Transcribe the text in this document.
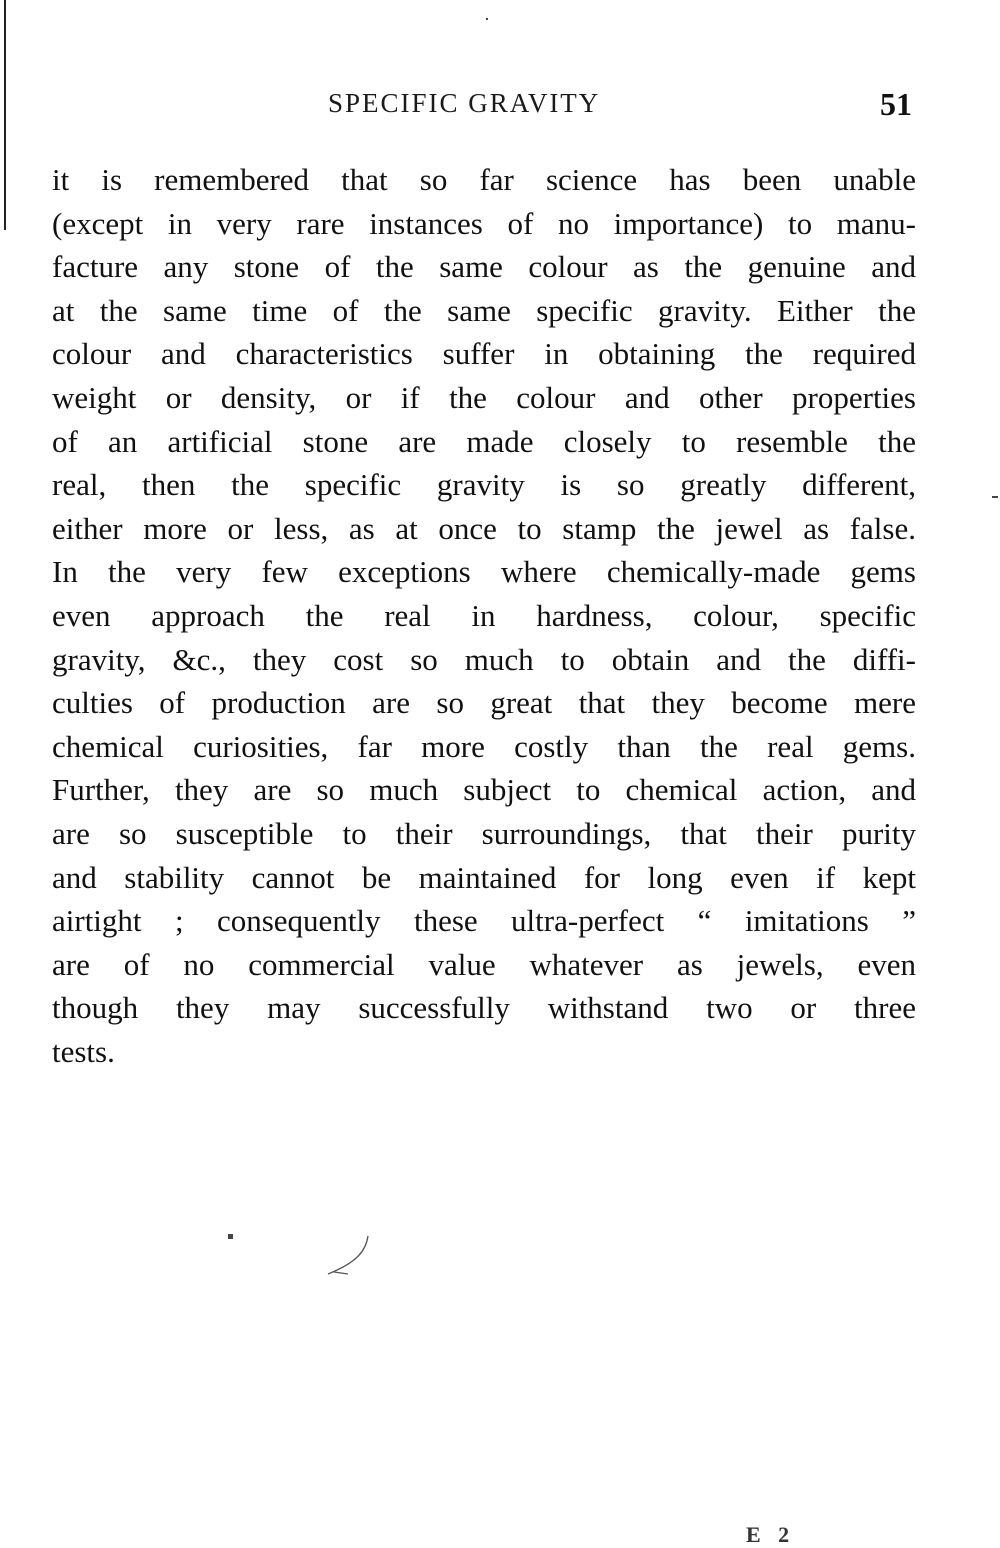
SPECIFIC GRAVITY	51
it is remembered that so far science has been unable
(except in very rare instances of no importance) to manu-
facture any stone of the same colour as the genuine and
at the same time of the same specific gravity. Either the
colour and characteristics suffer in obtaining the required
weight or density, or if the colour and other properties
of an artificial stone are made closely to resemble the
real, then the specific gravity is so greatly different,
either more or less, as at once to stamp the jewel as false.
In the very few exceptions where chemically-made gems
even approach the real in hardness, colour, specific
gravity, &c., they cost so much to obtain and the diffi-
culties of production are so great that they become mere
chemical curiosities, far more costly than the real gems.
Further, they are so much subject to chemical action, and
are so susceptible to their surroundings, that their purity
and stability cannot be maintained for long even if kept
airtight ; consequently these ultra-perfect “ imitations ”
are of no commercial value whatever as jewels, even
though they may successfully withstand two or three
tests.
E 2
